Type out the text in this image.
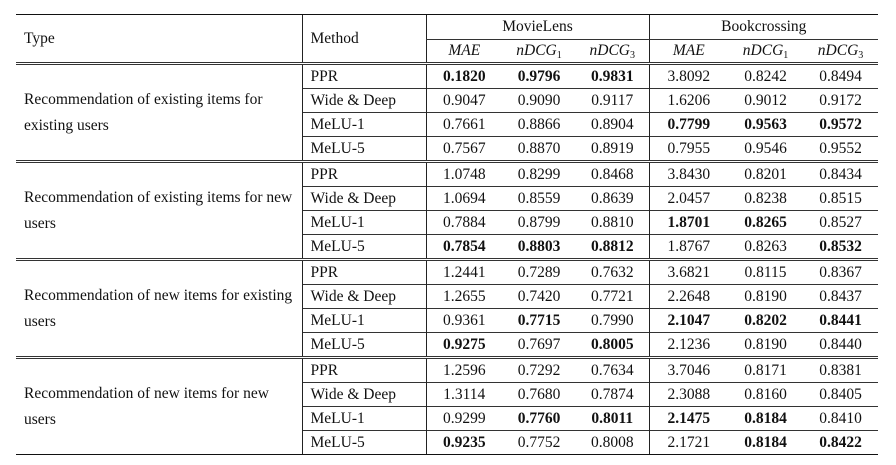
Type	Method	MovieLens			Bookcrossing		
		MAE	nDCG$_1$	nDCG$_3$	MAE	nDCG$_1$	nDCG$_3$
Recommendation of existing items for existing users	PPR	0.1820	0.9796	0.9831	3.8092	0.8242	0.8494
	Wide & Deep	0.9047	0.9090	0.9117	1.6206	0.9012	0.9172
	MeLU-1	0.7661	0.8866	0.8904	0.7799	0.9563	0.9572
	MeLU-5	0.7567	0.8870	0.8919	0.7955	0.9546	0.9552
Recommendation of existing items for new users	PPR	1.0748	0.8299	0.8468	3.8430	0.8201	0.8434
	Wide & Deep	1.0694	0.8559	0.8639	2.0457	0.8238	0.8515
	MeLU-1	0.7884	0.8799	0.8810	1.8701	0.8265	0.8527
	MeLU-5	0.7854	0.8803	0.8812	1.8767	0.8263	0.8532
Recommendation of new items for existing users	PPR	1.2441	0.7289	0.7632	3.6821	0.8115	0.8367
	Wide & Deep	1.2655	0.7420	0.7721	2.2648	0.8190	0.8437
	MeLU-1	0.9361	0.7715	0.7990	2.1047	0.8202	0.8441
	MeLU-5	0.9275	0.7697	0.8005	2.1236	0.8190	0.8440
Recommendation of new items for new users	PPR	1.2596	0.7292	0.7634	3.7046	0.8171	0.8381
	Wide & Deep	1.3114	0.7680	0.7874	2.3088	0.8160	0.8405
	MeLU-1	0.9299	0.7760	0.8011	2.1475	0.8184	0.8410
	MeLU-5	0.9235	0.7752	0.8008	2.1721	0.8184	0.8422
